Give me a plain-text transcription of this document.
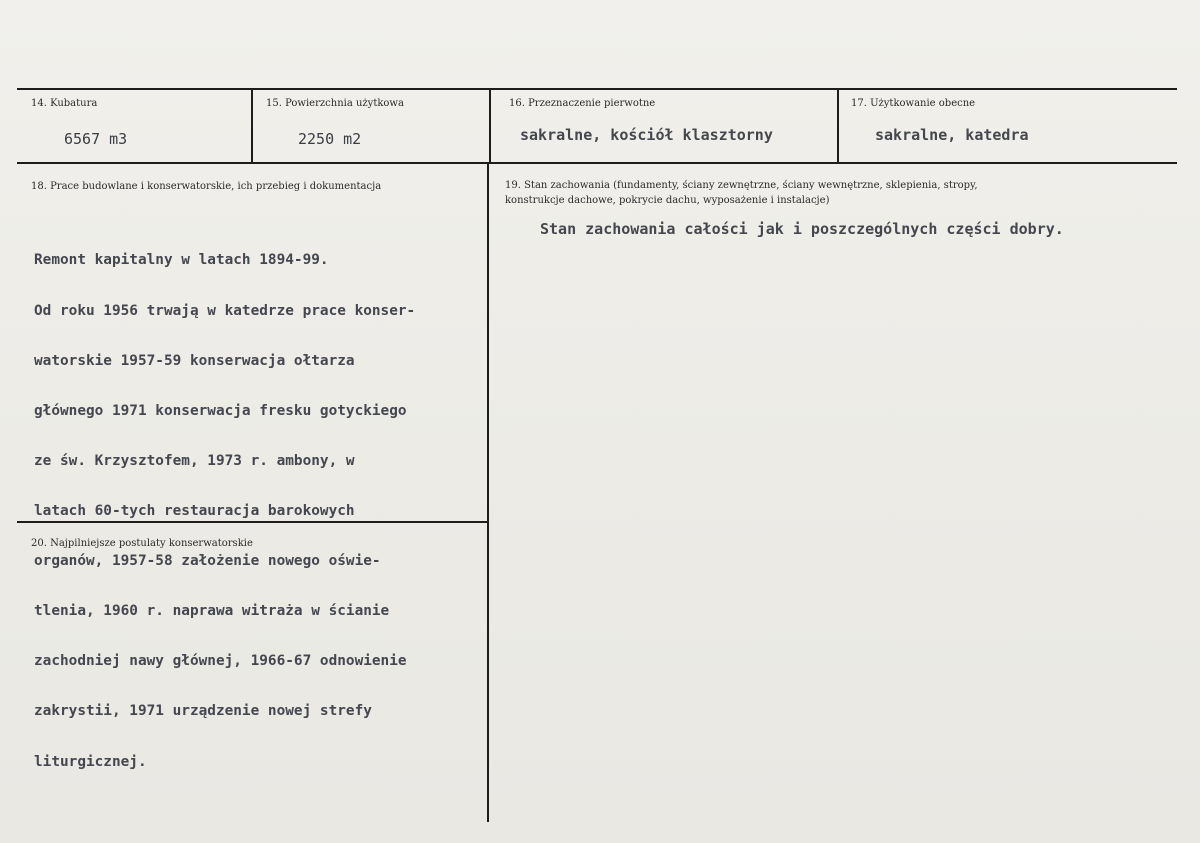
14. Kubatura
6567 m3
15. Powierzchnia użytkowa
2250 m2
16. Przeznaczenie pierwotne
sakralne, kościół klasztorny
17. Użytkowanie obecne
sakralne, katedra
18. Prace budowlane i konserwatorskie, ich przebieg i dokumentacja

Remont kapitalny w latach 1894-99.

Od roku 1956 trwają w katedrze prace konser-

watorskie 1957-59 konserwacja ołtarza

głównego 1971 konserwacja fresku gotyckiego

ze św. Krzysztofem, 1973 r. ambony, w

latach 60-tych restauracja barokowych

organów, 1957-58 założenie nowego oświe-

tlenia, 1960 r. naprawa witraża w ścianie

zachodniej nawy głównej, 1966-67 odnowienie

zakrystii, 1971 urządzenie nowej strefy

liturgicznej.

19. Stan zachowania (fundamenty, ściany zewnętrzne, ściany wewnętrzne, sklepienia, stropy,
konstrukcje dachowe, pokrycie dachu, wyposażenie i instalacje)
Stan zachowania całości jak i poszczególnych części dobry.
20. Najpilniejsze postulaty konserwatorskie
